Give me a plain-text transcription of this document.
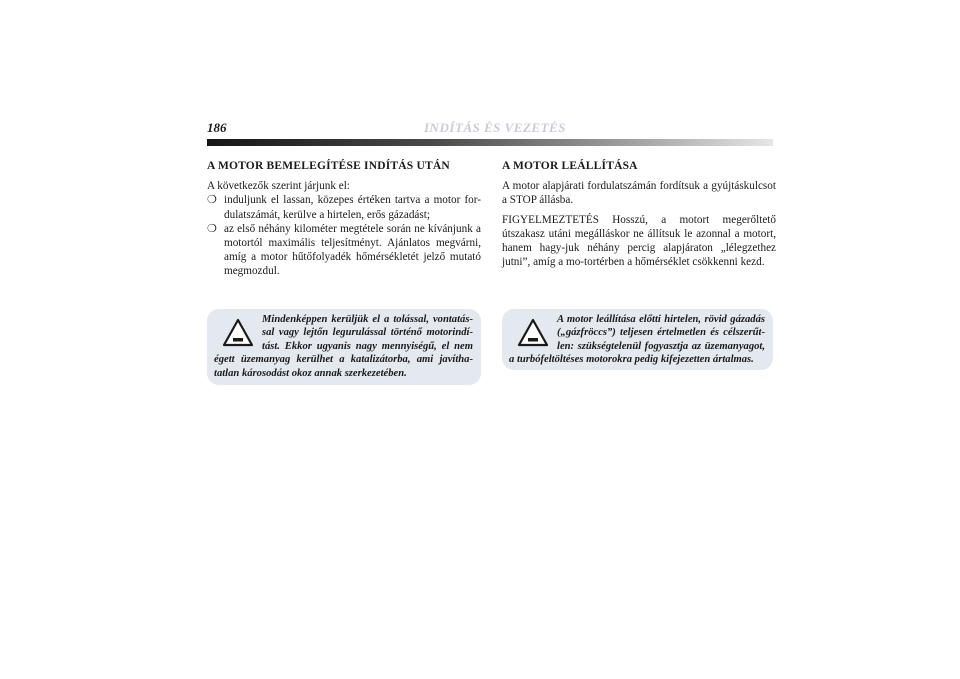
186	INDÍTÁS ÉS VEZETÉS
A MOTOR BEMELEGÍTÉSE INDÍTÁS UTÁN
A következők szerint járjunk el:
❍ induljunk el lassan, közepes értéken tartva a motor for-dulatszámát, kerülve a hirtelen, erős gázadást;
❍ az első néhány kilométer megtétele során ne kívánjunk a motortól maximális teljesítményt. Ajánlatos megvárni, amíg a motor hűtőfolyadék hőmérsékletét jelző mutató megmozdul.
A MOTOR LEÁLLÍTÁSA
A motor alapjárati fordulatszámán fordítsuk a gyújtáskulcsot a STOP állásba.
FIGYELMEZTETÉS Hosszú, a motort megerőltető útszakasz utáni megálláskor ne állítsuk le azonnal a motort, hanem hagy-juk néhány percig alapjáraton „lélegzethez jutni”, amíg a mo-tortérben a hőmérséklet csökkenni kezd.
Mindenképpen kerüljük el a tolással, vontatás-sal vagy lejtőn legurulással történő motorindí-tást. Ekkor ugyanis nagy mennyiségű, el nem égett üzemanyag kerülhet a katalizátorba, ami javítha-tatlan károsodást okoz annak szerkezetében.
A motor leállítása előtti hirtelen, rövid gázadás („gázfröccs”) teljesen értelmetlen és célszerűt-len: szükségtelenül fogyasztja az üzemanyagot, a turbófeltöltéses motorokra pedig kifejezetten ártalmas.
